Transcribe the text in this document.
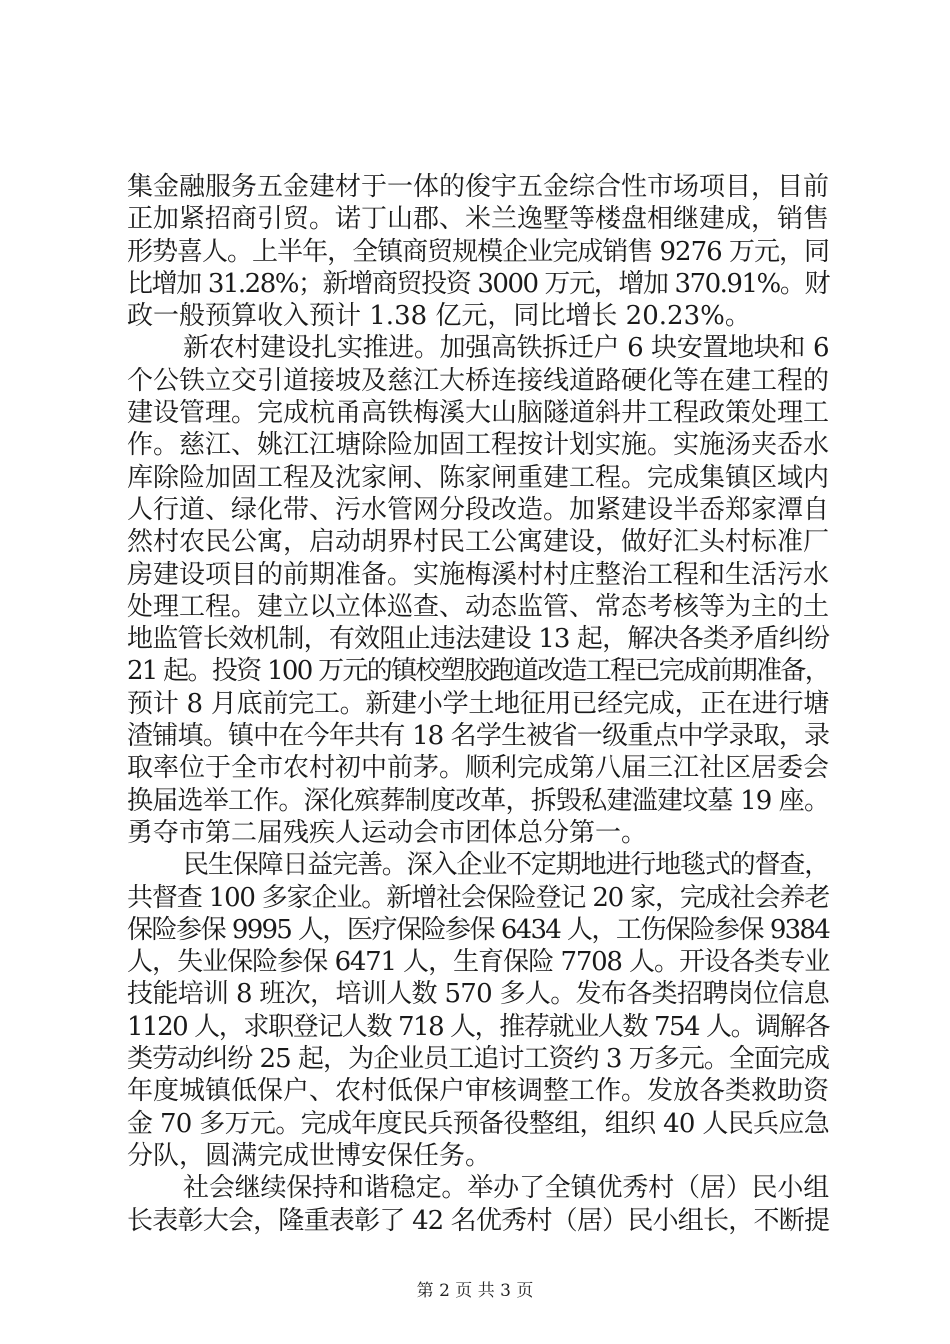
集金融服务五金建材于一体的俊宇五金综合性市场项目，目前
正加紧招商引贸。诺丁山郡、米兰逸墅等楼盘相继建成，销售
形势喜人。上半年，全镇商贸规模企业完成销售 9276 万元，同
比增加 31.28%；新增商贸投资 3000 万元，增加 370.91%。财
政一般预算收入预计 1.38 亿元，同比增长 20.23%。
新农村建设扎实推进。加强高铁拆迁户 6 块安置地块和 6
个公铁立交引道接坡及慈江大桥连接线道路硬化等在建工程的
建设管理。完成杭甬高铁梅溪大山脑隧道斜井工程政策处理工
作。慈江、姚江江塘除险加固工程按计划实施。实施汤夹岙水
库除险加固工程及沈家闸、陈家闸重建工程。完成集镇区域内
人行道、绿化带、污水管网分段改造。加紧建设半岙郑家潭自
然村农民公寓，启动胡界村民工公寓建设，做好汇头村标准厂
房建设项目的前期准备。实施梅溪村村庄整治工程和生活污水
处理工程。建立以立体巡查、动态监管、常态考核等为主的土
地监管长效机制，有效阻止违法建设 13 起，解决各类矛盾纠纷
21 起。投资 100 万元的镇校塑胶跑道改造工程已完成前期准备，
预计 8 月底前完工。新建小学土地征用已经完成，正在进行塘
渣铺填。镇中在今年共有 18 名学生被省一级重点中学录取，录
取率位于全市农村初中前茅。顺利完成第八届三江社区居委会
换届选举工作。深化殡葬制度改革，拆毁私建滥建坟墓 19 座。
勇夺市第二届残疾人运动会市团体总分第一。
民生保障日益完善。深入企业不定期地进行地毯式的督查，
共督查 100 多家企业。新增社会保险登记 20 家，完成社会养老
保险参保 9995 人，医疗保险参保 6434 人，工伤保险参保 9384
人，失业保险参保 6471 人，生育保险 7708 人。开设各类专业
技能培训 8 班次，培训人数 570 多人。发布各类招聘岗位信息
1120 人，求职登记人数 718 人，推荐就业人数 754 人。调解各
类劳动纠纷 25 起，为企业员工追讨工资约 3 万多元。全面完成
年度城镇低保户、农村低保户审核调整工作。发放各类救助资
金 70 多万元。完成年度民兵预备役整组，组织 40 人民兵应急
分队，圆满完成世博安保任务。
社会继续保持和谐稳定。举办了全镇优秀村（居）民小组
长表彰大会，隆重表彰了 42 名优秀村（居）民小组长，不断提
第 2 页 共 3 页
